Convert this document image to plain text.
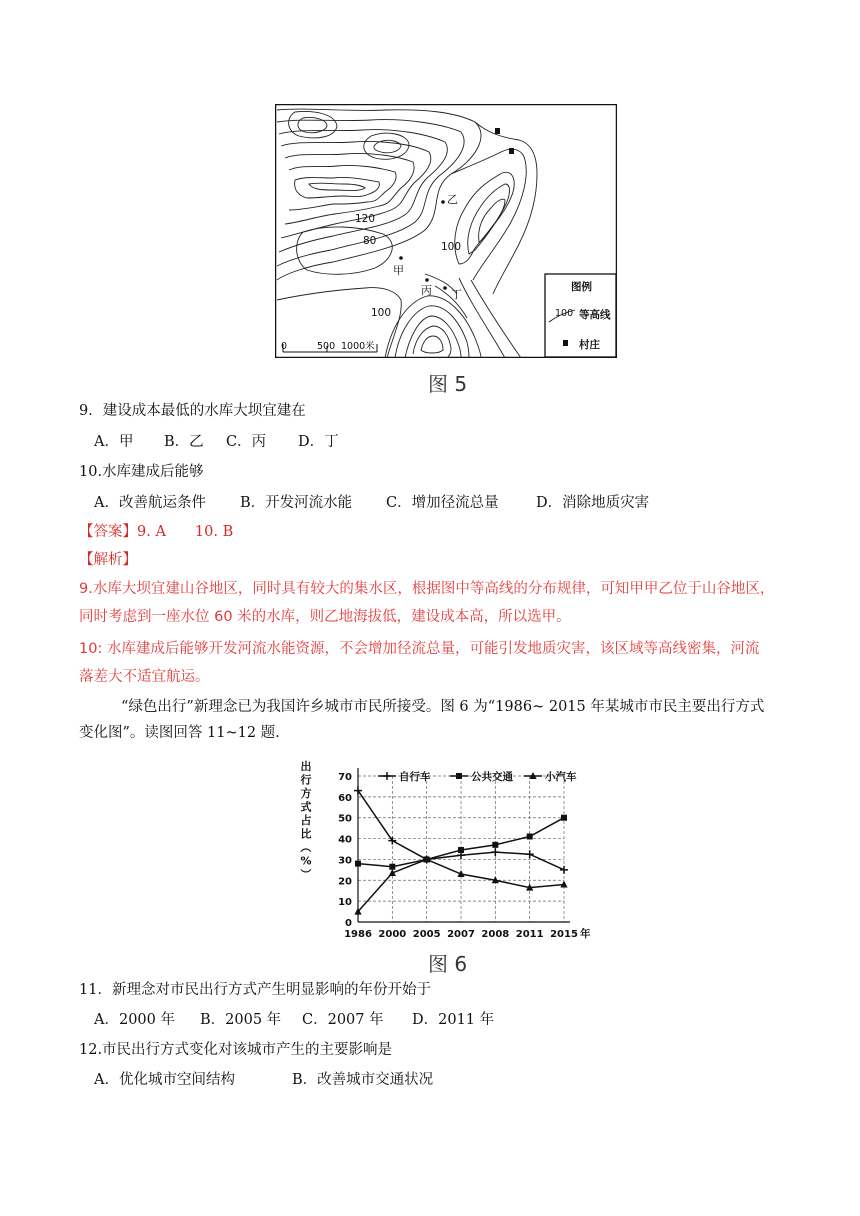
120
80	100
100
甲
乙
丙 丁
0	500 1000米
图例
100 等高线
村庄
图 5
9．建设成本最低的水库大坝宜建在
A．甲 B．乙 C．丙 D．丁
10.水库建成后能够
A．改善航运条件 B．开发河流水能 C．增加径流总量	D．消除地质灾害
【答案】9. A　　10. B
【解析】
9.水库大坝宜建山谷地区，同时具有较大的集水区，根据图中等高线的分布规律，可知甲甲乙位于山谷地区，
同时考虑到一座水位 60 米的水库，则乙地海拔低，建设成本高，所以选甲。
10: 水库建成后能够开发河流水能资源，不会增加径流总量，可能引发地质灾害，该区域等高线密集，河流
落差大不适宜航运。
“绿色出行”新理念已为我国许乡城市市民所接受。图 6 为“1986~ 2015 年某城市市民主要出行方式
变化图”。读图回答 11~12 题.
出
行
方
式
占
比
（
%
）
0
10
20
30
40
50
60
70
1986 2000 2005 2007 2008 2011 2015 年
自行车	公共交通	小汽车
图 6
11．新理念对市民出行方式产生明显影响的年份开始于
A．2000 年 B．2005 年 C．2007 年 D．2011 年
12.市民出行方式变化对该城市产生的主要影响是
A．优化城市空间结构	B．改善城市交通状况
